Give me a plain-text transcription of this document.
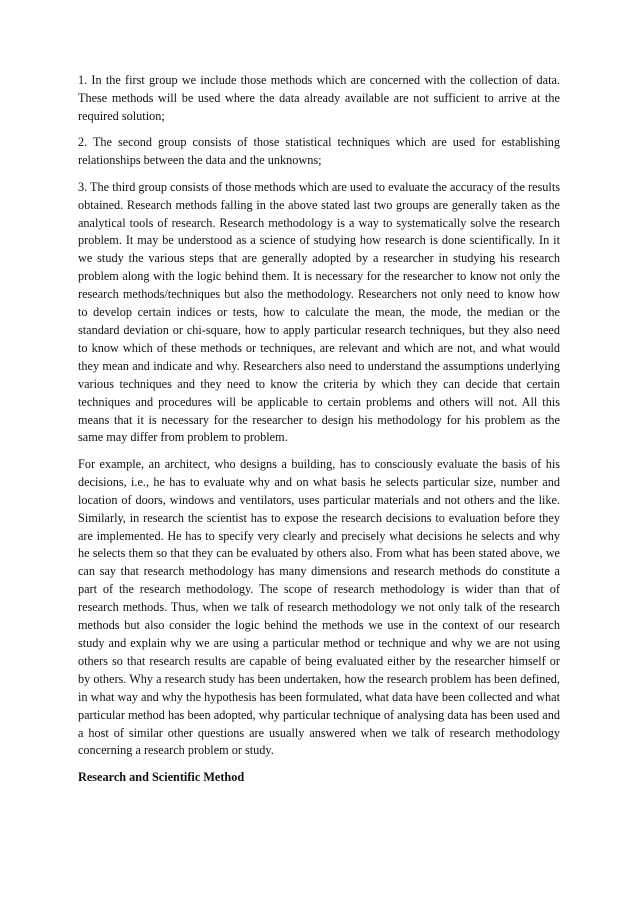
1. In the first group we include those methods which are concerned with the collection of data. These methods will be used where the data already available are not sufficient to arrive at the required solution;

2. The second group consists of those statistical techniques which are used for establishing relationships between the data and the unknowns;

3. The third group consists of those methods which are used to evaluate the accuracy of the results obtained. Research methods falling in the above stated last two groups are generally taken as the analytical tools of research. Research methodology is a way to systematically solve the research problem. It may be understood as a science of studying how research is done scientifically. In it we study the various steps that are generally adopted by a researcher in studying his research problem along with the logic behind them. It is necessary for the researcher to know not only the research methods/techniques but also the methodology. Researchers not only need to know how to develop certain indices or tests, how to calculate the mean, the mode, the median or the standard deviation or chi-square, how to apply particular research techniques, but they also need to know which of these methods or techniques, are relevant and which are not, and what would they mean and indicate and why. Researchers also need to understand the assumptions underlying various techniques and they need to know the criteria by which they can decide that certain techniques and procedures will be applicable to certain problems and others will not. All this means that it is necessary for the researcher to design his methodology for his problem as the same may differ from problem to problem.

For example, an architect, who designs a building, has to consciously evaluate the basis of his decisions, i.e., he has to evaluate why and on what basis he selects particular size, number and location of doors, windows and ventilators, uses particular materials and not others and the like. Similarly, in research the scientist has to expose the research decisions to evaluation before they are implemented. He has to specify very clearly and precisely what decisions he selects and why he selects them so that they can be evaluated by others also. From what has been stated above, we can say that research methodology has many dimensions and research methods do constitute a part of the research methodology. The scope of research methodology is wider than that of research methods. Thus, when we talk of research methodology we not only talk of the research methods but also consider the logic behind the methods we use in the context of our research study and explain why we are using a particular method or technique and why we are not using others so that research results are capable of being evaluated either by the researcher himself or by others. Why a research study has been undertaken, how the research problem has been defined, in what way and why the hypothesis has been formulated, what data have been collected and what particular method has been adopted, why particular technique of analysing data has been used and a host of similar other questions are usually answered when we talk of research methodology concerning a research problem or study.

Research and Scientific Method
